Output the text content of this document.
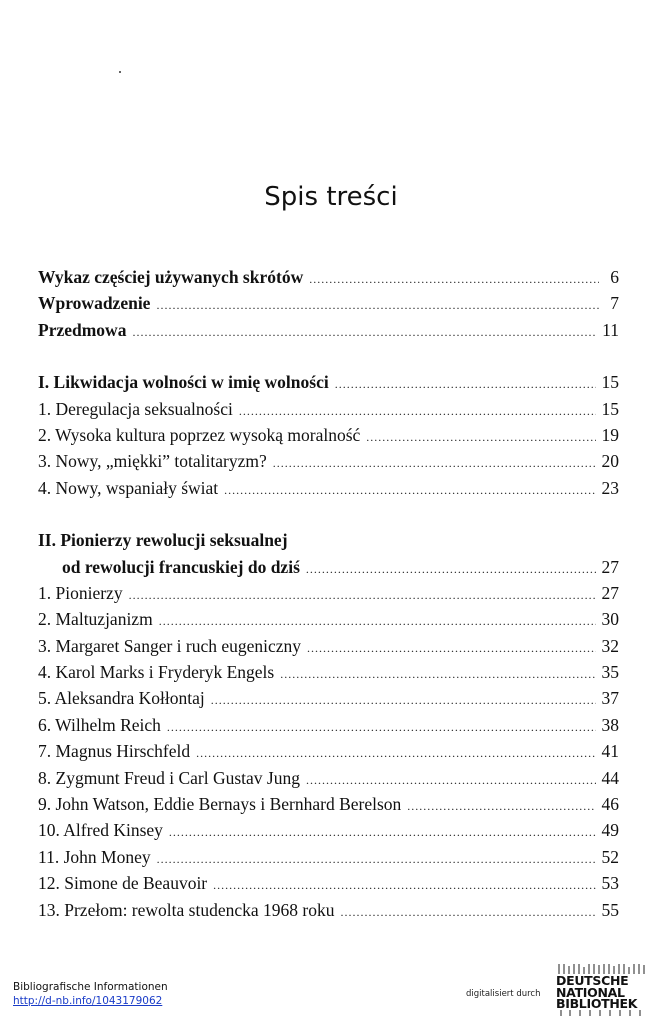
Spis treści
Wykaz częściej używanych skrótów .....	6
Wprowadzenie .....	7
Przedmowa .....	11
I. Likwidacja wolności w imię wolności .....	15
1. Deregulacja seksualności .....	15
2. Wysoka kultura poprzez wysoką moralność .....	19
3. Nowy, „miękki” totalitaryzm? .....	20
4. Nowy, wspaniały świat .....	23
II. Pionierzy rewolucji seksualnej
od rewolucji francuskiej do dziś .....	27
1. Pionierzy .....	27
2. Maltuzjanizm .....	30
3. Margaret Sanger i ruch eugeniczny .....	32
4. Karol Marks i Fryderyk Engels .....	35
5. Aleksandra Kołłontaj .....	37
6. Wilhelm Reich .....	38
7. Magnus Hirschfeld .....	41
8. Zygmunt Freud i Carl Gustav Jung .....	44
9. John Watson, Eddie Bernays i Bernhard Berelson .....	46
10. Alfred Kinsey .....	49
11. John Money .....	52
12. Simone de Beauvoir .....	53
13. Przełom: rewolta studencka 1968 roku .....	55
Bibliografische Informationen
http://d-nb.info/1043179062
digitalisiert durch
DEUTSCHE
NATIONAL
BIBLIOTHEK
